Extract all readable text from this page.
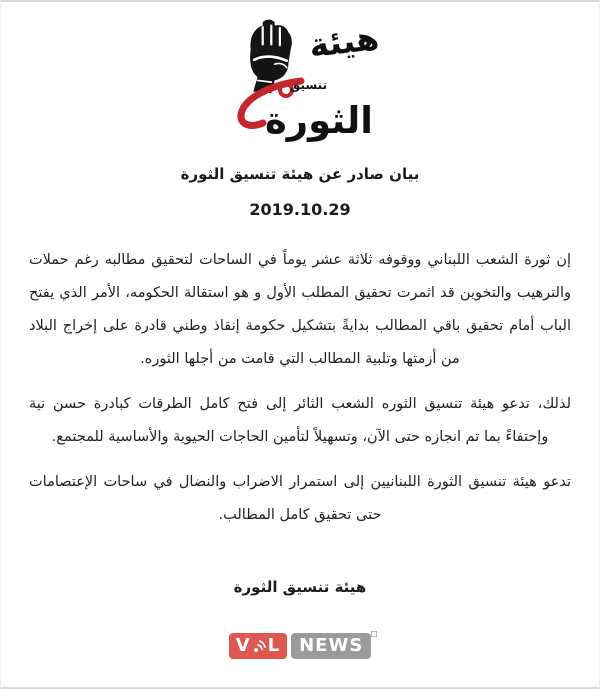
هيئة
تنسيق
الثورة
بيان صادر عن هيئة تنسيق الثورة
2019.10.29

إن ثورة الشعب اللبناني ووقوفه ثلاثة عشر يوماً في الساحات لتحقيق مطالبه رغم حملات والترهيب والتخوين قد اثمرت تحقيق المطلب الأول و هو استقالة الحكومه، الأمر الذي يفتح الباب أمام تحقيق باقي المطالب بدايةً بتشكيل حكومة إنقاذ وطني قادرة على إخراج البلاد من أزمتها وتلبية المطالب التي قامت من أجلها الثوره.

لذلك، تدعو هيئة تنسيق الثوره الشعب الثائر إلى فتح كامل الطرقات كبادرة حسن نية وإحتفاءً بما تم انجازه حتى الآن، وتسهيلاً لتأمين الحاجات الحيوية والأساسية للمجتمع.

تدعو هيئة تنسيق الثورة اللبنانيين إلى استمرار الاضراب والنضال في ساحات الإعتصامات حتى تحقيق كامل المطالب.

هيئة تنسيق الثورة
V L	NEWS
